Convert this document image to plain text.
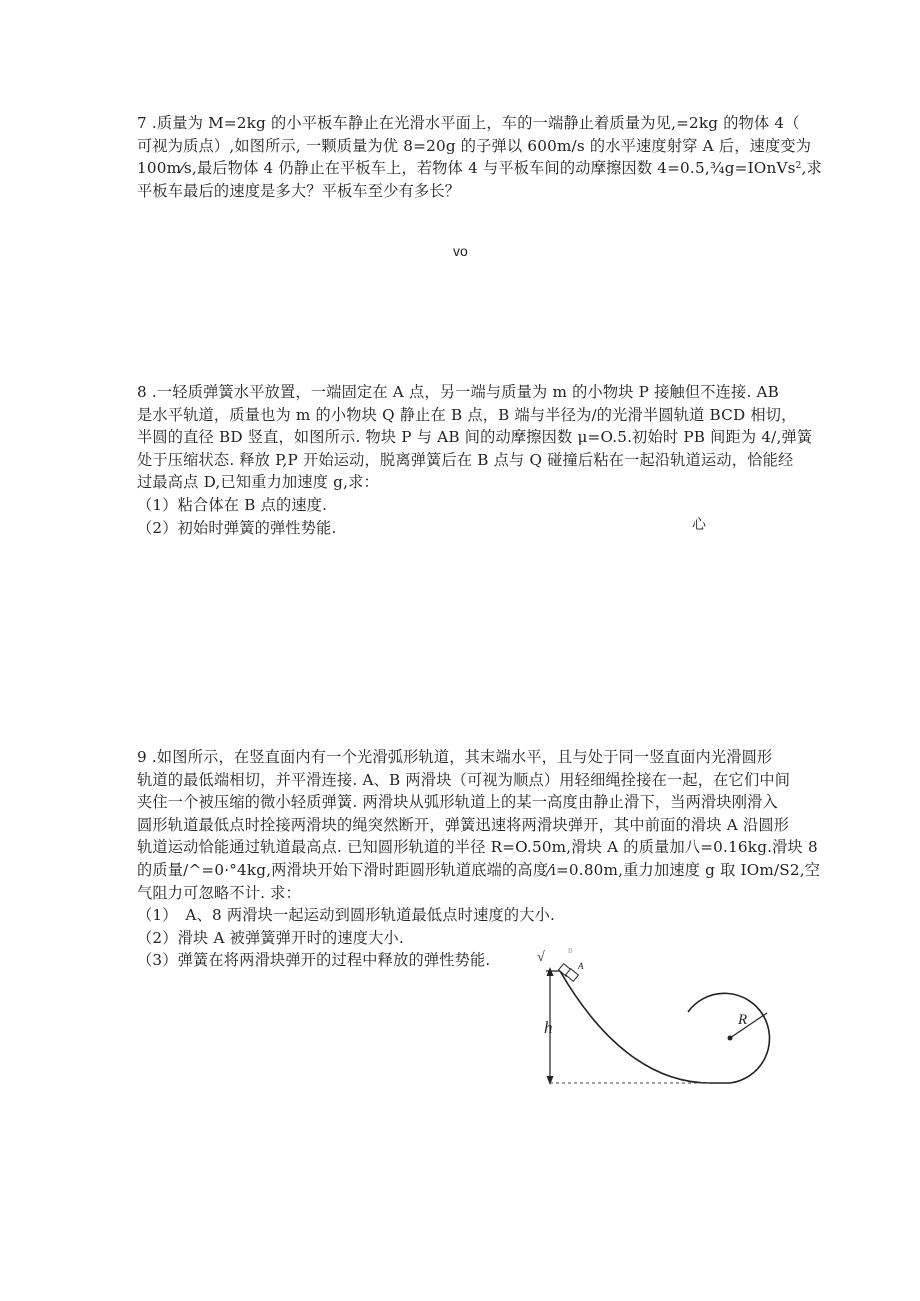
7 .质量为 M=2kg 的小平板车静止在光滑水平面上，车的一端静止着质量为见,=2kg 的物体 4（
可视为质点）,如图所示, 一颗质量为优 8=20g 的子弹以 600m/s 的水平速度射穿 A 后，速度变为
100m⁄s,最后物体 4 仍静止在平板车上，若物体 4 与平板车间的动摩擦因数 4=0.5,¾g=IOnVs$^2$,求
平板车最后的速度是多大？平板车至少有多长？
vo
8 .一轻质弹簧水平放置，一端固定在 A 点，另一端与质量为 m 的小物块 P 接触但不连接. AB
是水平轨道，质量也为 m 的小物块 Q 静止在 B 点，B 端与半径为/的光滑半圆轨道 BCD 相切，
半圆的直径 BD 竖直，如图所示. 物块 P 与 AB 间的动摩擦因数 μ=O.5.初始时 PB 间距为 4/,弹簧
处于压缩状态. 释放 P,P 开始运动，脱离弹簧后在 B 点与 Q 碰撞后粘在一起沿轨道运动，恰能经
过最高点 D,已知重力加速度 g,求：
（1）粘合体在 B 点的速度.
（2）初始时弹簧的弹性势能.	心
9 .如图所示，在竖直面内有一个光滑弧形轨道，其末端水平，且与处于同一竖直面内光滑圆形
轨道的最低端相切，并平滑连接. A、B 两滑块（可视为顺点）用轻细绳拴接在一起，在它们中间
夹住一个被压缩的微小轻质弹簧. 两滑块从弧形轨道上的某一高度由静止滑下，当两滑块刚滑入
圆形轨道最低点时拴接两滑块的绳突然断开，弹簧迅速将两滑块弹开，其中前面的滑块 A 沿圆形
轨道运动恰能通过轨道最高点. 已知圆形轨道的半径 R=O.50m,滑块 A 的质量加八=0.16kg.滑块 8
的质量/^=0·°4kg,两滑块开始下滑时距圆形轨道底端的高度⁄i=0.80m,重力加速度 g 取 IOm/S2,空
气阻力可忽略不计. 求：
（1）　A、8 两滑块一起运动到圆形轨道最低点时速度的大小.
（2）滑块 A 被弹簧弹开时的速度大小.
（3）弹簧在将两滑块弹开的过程中释放的弹性势能.	√	B
h
A
R
